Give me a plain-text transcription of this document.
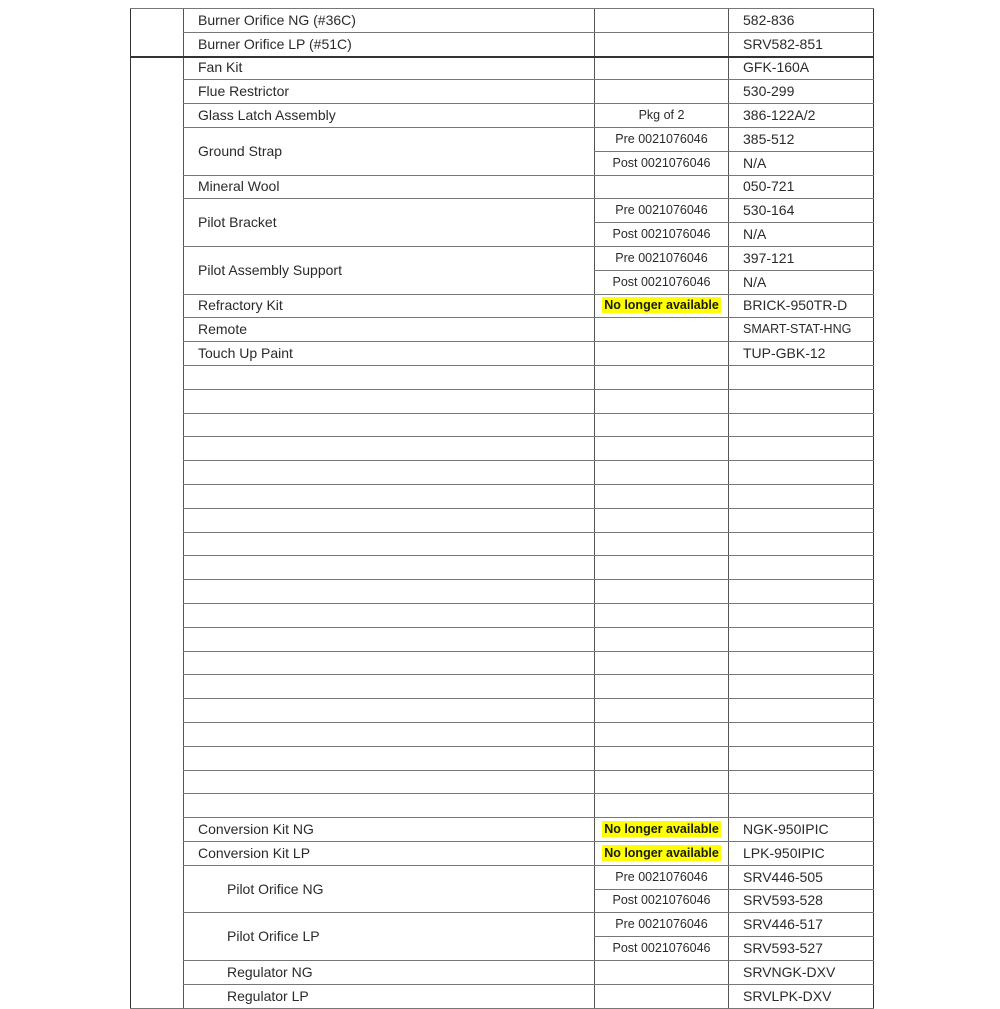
Burner Orifice NG (#36C)	582-836
Burner Orifice LP (#51C)	SRV582-851
Fan Kit	GFK-160A
Flue Restrictor	530-299
Glass Latch Assembly	Pkg of 2	386-122A/2
Ground Strap
Pre 0021076046	385-512
Post 0021076046	N/A
Mineral Wool	050-721
Pilot Bracket
Pre 0021076046	530-164
Post 0021076046	N/A
Pilot Assembly Support
Pre 0021076046	397-121
Post 0021076046	N/A
Refractory Kit	No longer available BRICK-950TR-D
Remote	SMART-STAT-HNG
Touch Up Paint	TUP-GBK-12
Conversion Kit NG	No longer available NGK-950IPIC
Conversion Kit LP	No longer available LPK-950IPIC
Pilot Orifice NG
Pre 0021076046	SRV446-505
Post 0021076046	SRV593-528
Pilot Orifice LP
Pre 0021076046	SRV446-517
Post 0021076046	SRV593-527
Regulator NG	SRVNGK-DXV
Regulator LP	SRVLPK-DXV
